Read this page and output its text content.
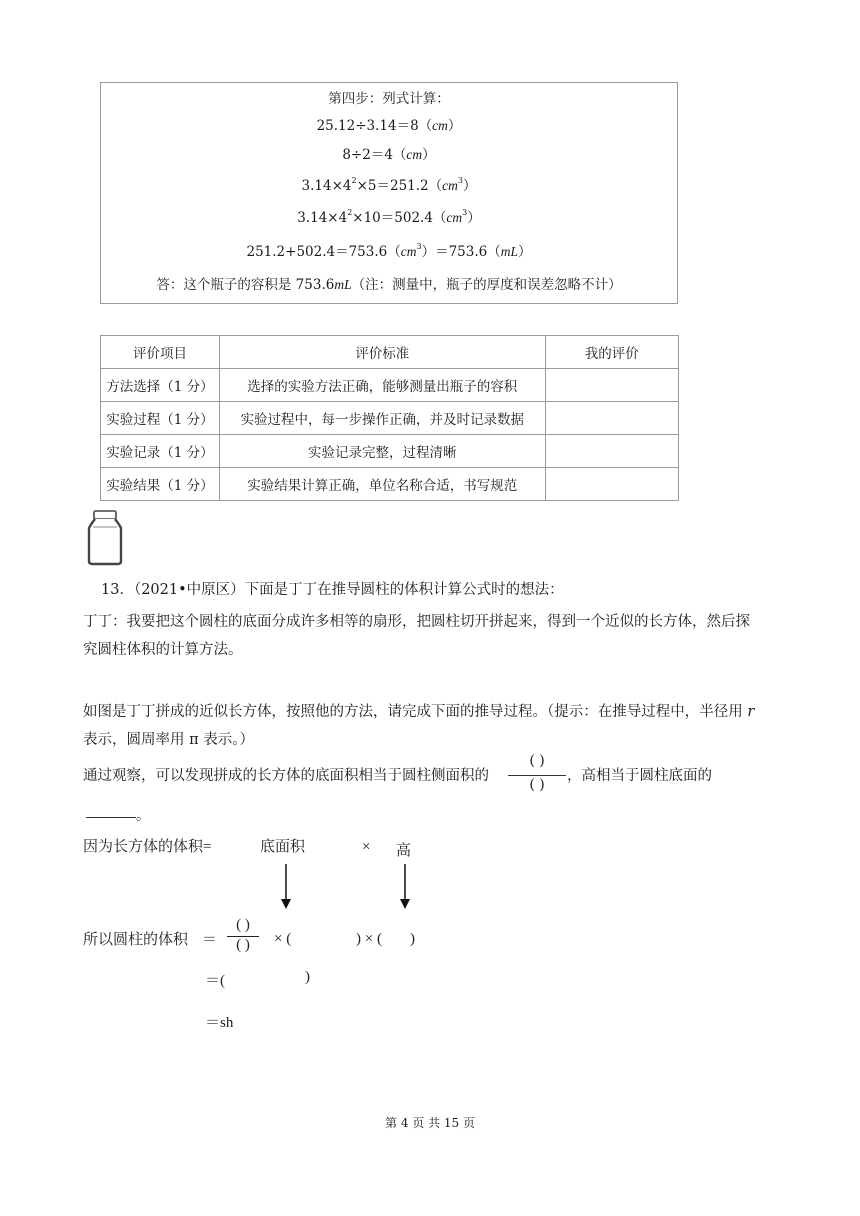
第四步：列式计算：
25.12÷3.14＝8（cm）
8÷2＝4（cm）
$3.14\times 4^2\times 5=251.2(cm^3)$
$3.14\times 4^2\times 10=502.4(cm^3)$
$251.2+502.4=753.6(cm^3)=753.6(mL)$
答：这个瓶子的容积是 753.6mL（注：测量中，瓶子的厚度和误差忽略不计）
评价项目	评价标准	我的评价
方法选择（1 分）	选择的实验方法正确，能够测量出瓶子的容积	
实验过程（1 分）	实验过程中，每一步操作正确，并及时记录数据	
实验记录（1 分）	实验记录完整，过程清晰	
实验结果（1 分）	实验结果计算正确，单位名称合适，书写规范	
13．（2021•中原区）下面是丁丁在推导圆柱的体积计算公式时的想法：
丁丁：我要把这个圆柱的底面分成许多相等的扇形，把圆柱切开拼起来，得到一个近似的长方体，然后探
究圆柱体积的计算方法。
如图是丁丁拼成的近似长方体，按照他的方法，请完成下面的推导过程。（提示：在推导过程中，半径用 r
表示，圆周率用 π 表示。）
通过观察，可以发现拼成的长方体的底面积相当于圆柱侧面积的
( )
( )
，高相当于圆柱底面的
。
因为长方体的体积=	底面积	× 高
所以圆柱的体积 ＝
( )
( )	× (	) × ( )
＝(	)
＝sh
第 4 页 共 15 页
